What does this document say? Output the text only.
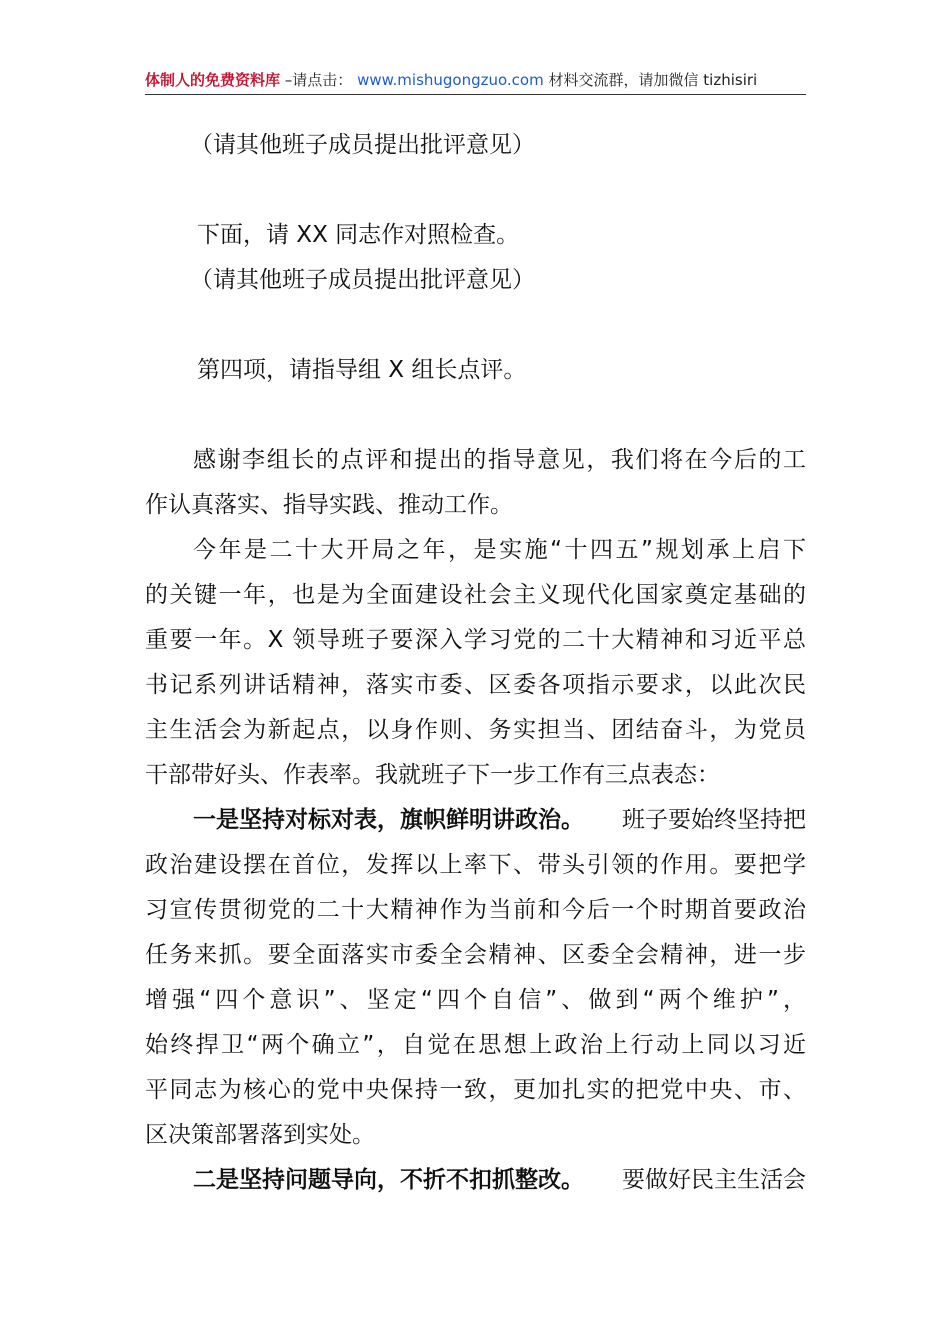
体制人的免费资料库 –请点击： www.mishugongzuo.com 材料交流群，请加微信 tizhisiri
（请其他班子成员提出批评意见）
下面，请 XX 同志作对照检查。
（请其他班子成员提出批评意见）
第四项，请指导组 X 组长点评。
感谢李组长的点评和提出的指导意见，我们将在今后的工
作认真落实、指导实践、推动工作。
今年是二十大开局之年，是实施“十四五”规划承上启下
的关键一年，也是为全面建设社会主义现代化国家奠定基础的
重要一年。X 领导班子要深入学习党的二十大精神和习近平总
书记系列讲话精神，落实市委、区委各项指示要求，以此次民
主生活会为新起点，以身作则、务实担当、团结奋斗，为党员
干部带好头、作表率。我就班子下一步工作有三点表态：
一是坚持对标对表，旗帜鲜明讲政治。 班子要始终坚持把
政治建设摆在首位，发挥以上率下、带头引领的作用。要把学
习宣传贯彻党的二十大精神作为当前和今后一个时期首要政治
任务来抓。要全面落实市委全会精神、区委全会精神，进一步
增强“四个意识”、坚定“四个自信”、做到“两个维护”，
始终捍卫“两个确立”，自觉在思想上政治上行动上同以习近
平同志为核心的党中央保持一致，更加扎实的把党中央、市、
区决策部署落到实处。
二是坚持问题导向，不折不扣抓整改。 要做好民主生活会
